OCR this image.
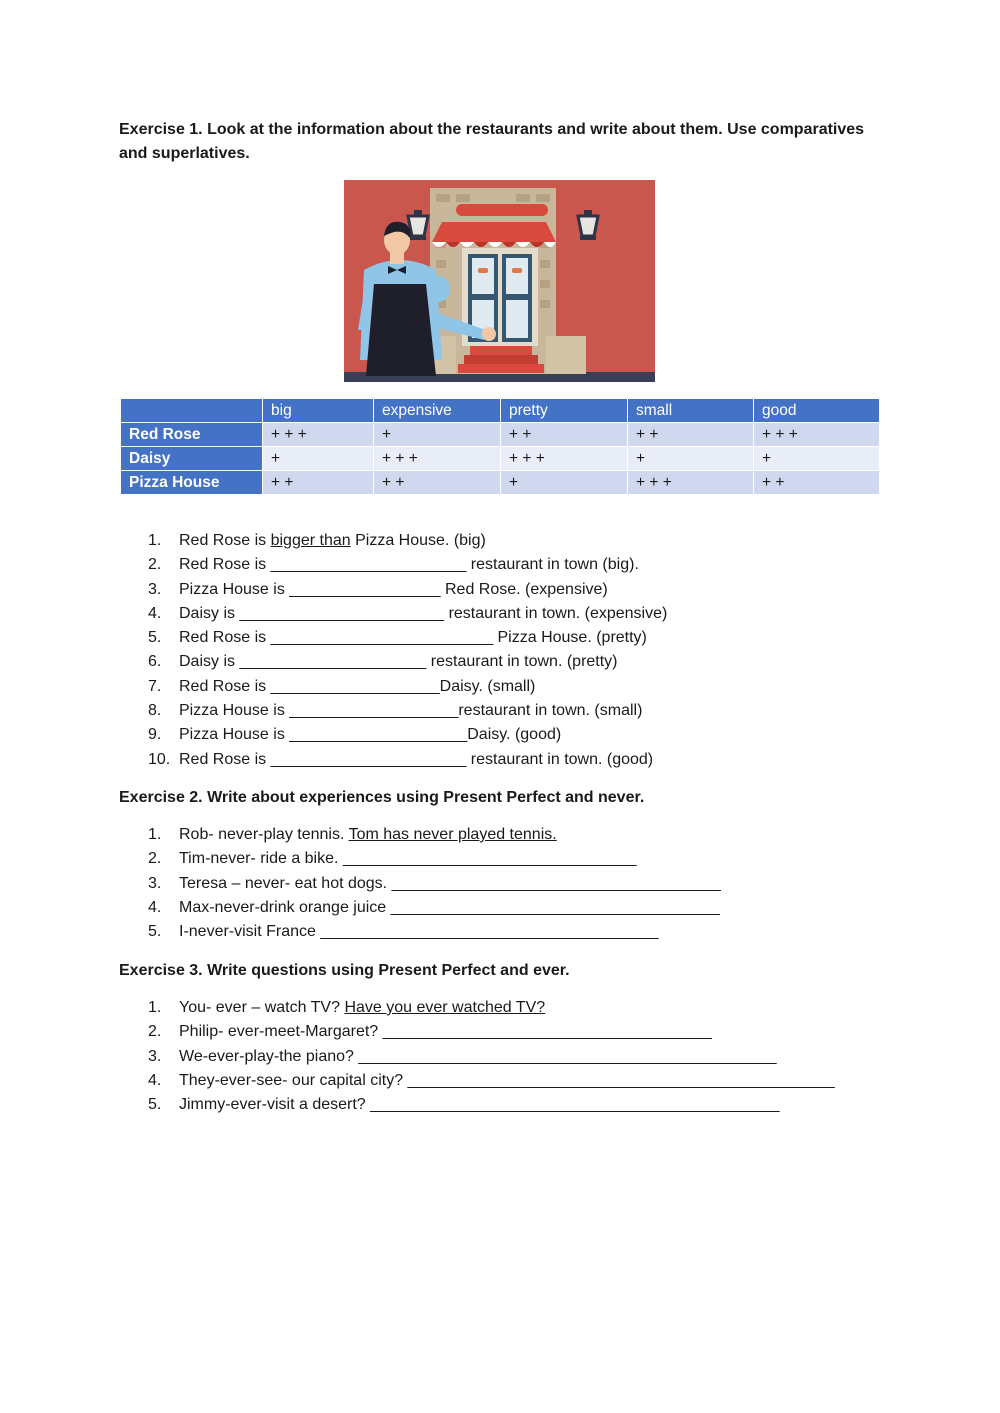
Exercise 1. Look at the information about the restaurants and write about them. Use comparatives and superlatives.

	big	expensive	pretty	small	good
Red Rose	+ + +	+	+ +	+ +	+ + +
Daisy	+	+ + +	+ + +	+	+
Pizza House	+ +	+ +	+	+ + +	+ +
1. Red Rose is bigger than Pizza House. (big)
2. Red Rose is ______________________ restaurant in town (big).
3. Pizza House is _________________ Red Rose. (expensive)
4. Daisy is _______________________ restaurant in town. (expensive)
5. Red Rose is _________________________ Pizza House. (pretty)
6. Daisy is _____________________ restaurant in town. (pretty)
7. Red Rose is ___________________Daisy. (small)
8. Pizza House is ___________________restaurant in town. (small)
9. Pizza House is ____________________Daisy. (good)
10. Red Rose is ______________________ restaurant in town. (good)

Exercise 2. Write about experiences using Present Perfect and never.

1. Rob- never-play tennis. Tom has never played tennis.
2. Tim-never- ride a bike. _________________________________
3. Teresa – never- eat hot dogs. _____________________________________
4. Max-never-drink orange juice _____________________________________
5. I-never-visit France ______________________________________

Exercise 3. Write questions using Present Perfect and ever.

1. You- ever – watch TV? Have you ever watched TV?
2. Philip- ever-meet-Margaret? _____________________________________
3. We-ever-play-the piano? _______________________________________________
4. They-ever-see- our capital city? ________________________________________________
5. Jimmy-ever-visit a desert? ______________________________________________
